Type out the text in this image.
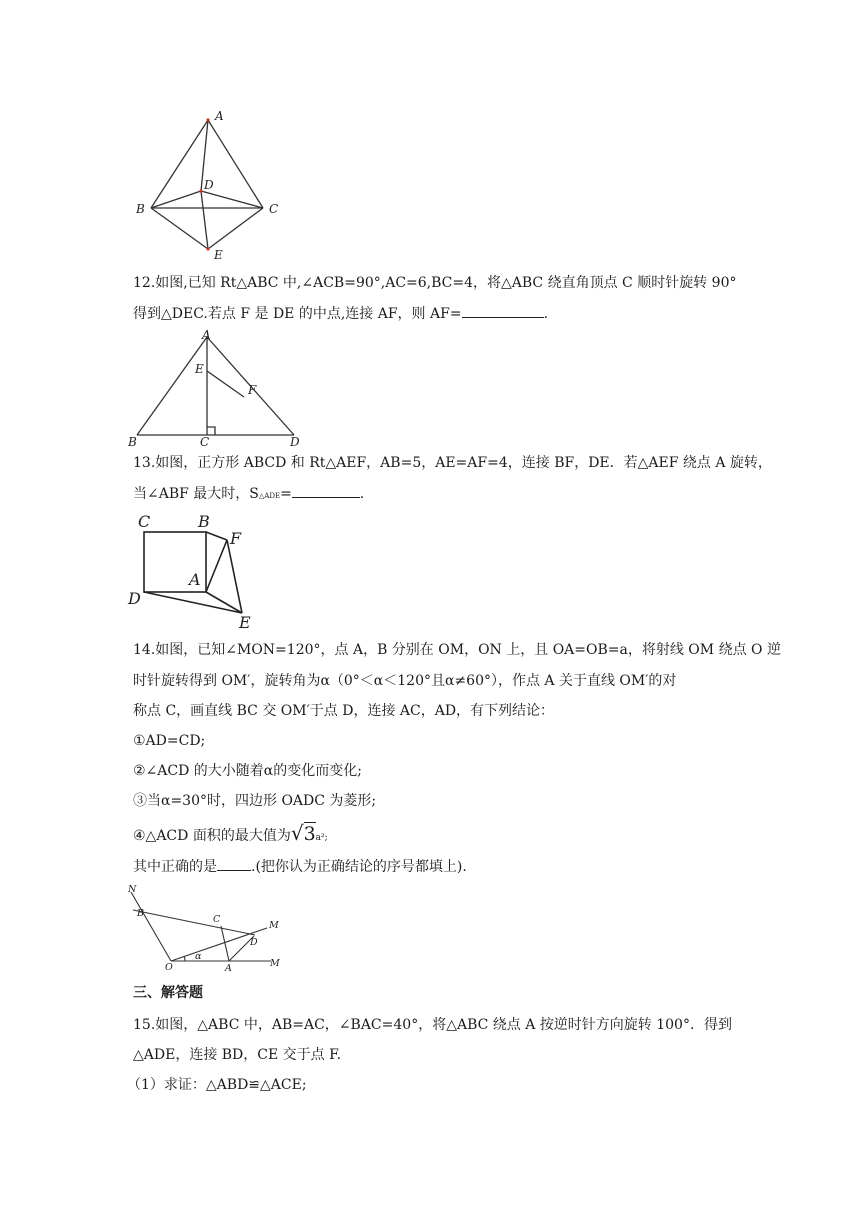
A
B
D
C
E
12.如图,已知 Rt△ABC 中,∠ACB=90°,AC=6,BC=4，将△ABC 绕直角顶点 C 顺时针旋转 90°
得到△DEC.若点 F 是 DE 的中点,连接 AF，则 AF=	.
A
E
F
B	C	D
13.如图，正方形 ABCD 和 Rt△AEF，AB=5，AE=AF=4，连接 BF，DE．若△AEF 绕点 A 旋转，
当∠ABF 最大时，S△ADE=	.
C	B
F
A
D
E
14.如图，已知∠MON=120°，点 A，B 分别在 OM，ON 上，且 OA=OB=a，将射线 OM 绕点 O 逆
时针旋转得到 OM′，旋转角为α（0°＜α＜120°且α≠60°），作点 A 关于直线 OM′的对
称点 C，画直线 BC 交 OM′于点 D，连接 AC，AD，有下列结论：
①AD=CD;
②∠ACD 的大小随着α的变化而变化;
③当α=30°时，四边形 OADC 为菱形;
④△ACD 面积的最大值为√3a²;
其中正确的是 .(把你认为正确结论的序号都填上).
N
B
C
M
D
O
α
A	M
三、解答题
15.如图，△ABC 中，AB=AC，∠BAC=40°，将△ABC 绕点 A 按逆时针方向旋转 100°．得到
△ADE，连接 BD，CE 交于点 F.
（1）求证：△ABD≌△ACE;
